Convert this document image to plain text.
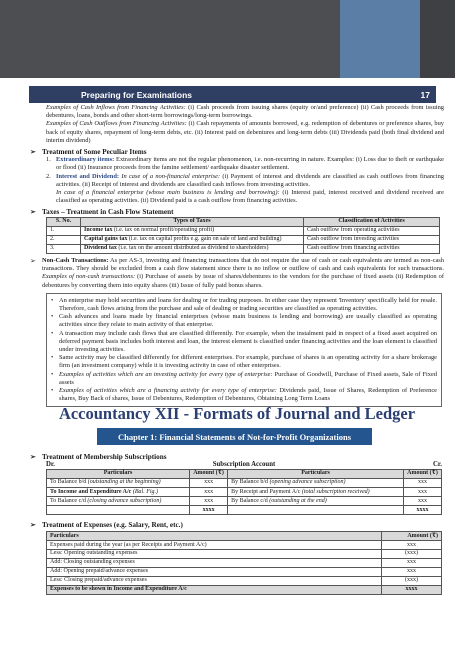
Preparing for Examinations	17

Examples of Cash Inflows from Financing Activities: (i) Cash proceeds from issuing shares (equity or/and preference) (ii) Cash proceeds from issuing debentures, loans, bonds and other short-term borrowings/long-term borrowings.

Examples of Cash Outflows from Financing Activities: (i) Cash repayments of amounts borrowed, e.g. redemption of debentures or preference shares, buy back of equity shares, repayment of long-term debts, etc. (ii) Interest paid on debentures and long-term debts (iii) Dividends paid (both final dividend and interim dividend)

➢ Treatment of Some Peculiar Items
1. Extraordinary items: Extraordinary items are not the regular phenomenon, i.e. non-recurring in nature. Examples: (i) Loss due to theft or earthquake or flood (ii) Insurance proceeds from the famine settlement/ earthquake disaster settlement.
2. Interest and Dividend: In case of a non-financial enterprise: (i) Payment of interest and dividends are classified as cash outflows from financing activities. (ii) Receipt of interest and dividends are classified cash inflows from investing activities.
In case of a financial enterprise (whose main business is lending and borrowing): (i) Interest paid, interest received and dividend received are classified as operating activities. (ii) Dividend paid is a cash outflow from financing activities.
➢ Taxes – Treatment in Cash Flow Statement
S. No.	Types of Taxes	Classification of Activities
1.	Income tax (i.e. tax on normal profit/operating profit)	Cash outflow from operating activities
2.	Capital gains tax (i.e. tax on capital profits e.g. gain on sale of land and building)	Cash outflow from investing activities
3.	Dividend tax (i.e. tax on the amount distributed as dividend to shareholders)	Cash outflow from financing activities
➢ Non-Cash Transactions: As per AS-3, investing and financing transactions that do not require the use of cash or cash equivalents are termed as non-cash transactions. They should be excluded from a cash flow statement since there is no inflow or outflow of cash and cash equivalents for such transactions. Examples of non-cash transactions: (i) Purchase of assets by issue of shares/debentures to the vendors for the purchase of fixed assets (ii) Redemption of debentures by converting them into equity shares (iii) Issue of fully paid bonus shares.
• An enterprise may hold securities and loans for dealing or for trading purposes. In either case they represent 'Inventory' specifically held for resale. Therefore, cash flows arising from the purchase and sale of dealing or trading securities are classified as operating activities.
• Cash advances and loans made by financial enterprises (whose main business is lending and borrowing) are usually classified as operating activities since they relate to main activity of that enterprise.
• A transaction may include cash flows that are classified differently. For example, when the instalment paid in respect of a fixed asset acquired on deferred payment basis includes both interest and loan, the interest element is classified under financing activities and the loan element is classified under investing activities.
• Same activity may be classified differently for different enterprises. For example, purchase of shares is an operating activity for a share brokerage firm (an investment company) while it is investing activity in case of other enterprises.
• Examples of activities which are an investing activity for every type of enterprise: Purchase of Goodwill, Purchase of Fixed assets, Sale of Fixed assets
• Examples of activities which are a financing activity for every type of enterprise: Dividends paid, Issue of Shares, Redemption of Preference shares, Buy Back of shares, Issue of Debentures, Redemption of Debentures, Obtaining Long Term Loans
Accountancy XII - Formats of Journal and Ledger
Chapter 1: Financial Statements of Not-for-Profit Organizations
➢ Treatment of Membership Subscriptions
Dr.	Subscription Account	Cr.
Particulars	Amount (₹)	Particulars	Amount (₹)
To Balance b/d (outstanding at the beginning)	xxx	By Balance b/d (opening advance subscription)	xxx
To Income and Expenditure A/c (Bal. Fig.)	xxx	By Receipt and Payment A/c (total subscription received)	xxx
To Balance c/d (closing advance subscription)	xxx	By Balance c/d (outstanding at the end)	xxx
	xxxx		xxxx
➢ Treatment of Expenses (e.g. Salary, Rent, etc.)
Particulars	Amount (₹)
Expenses paid during the year (as per Receipts and Payment A/c)	xxx
Less: Opening outstanding expenses	(xxx)
Add: Closing outstanding expenses	xxx
Add: Opening prepaid/advance expenses	xxx
Less: Closing prepaid/advance expenses	(xxx)
Expenses to be shown in Income and Expenditure A/c	xxxx
